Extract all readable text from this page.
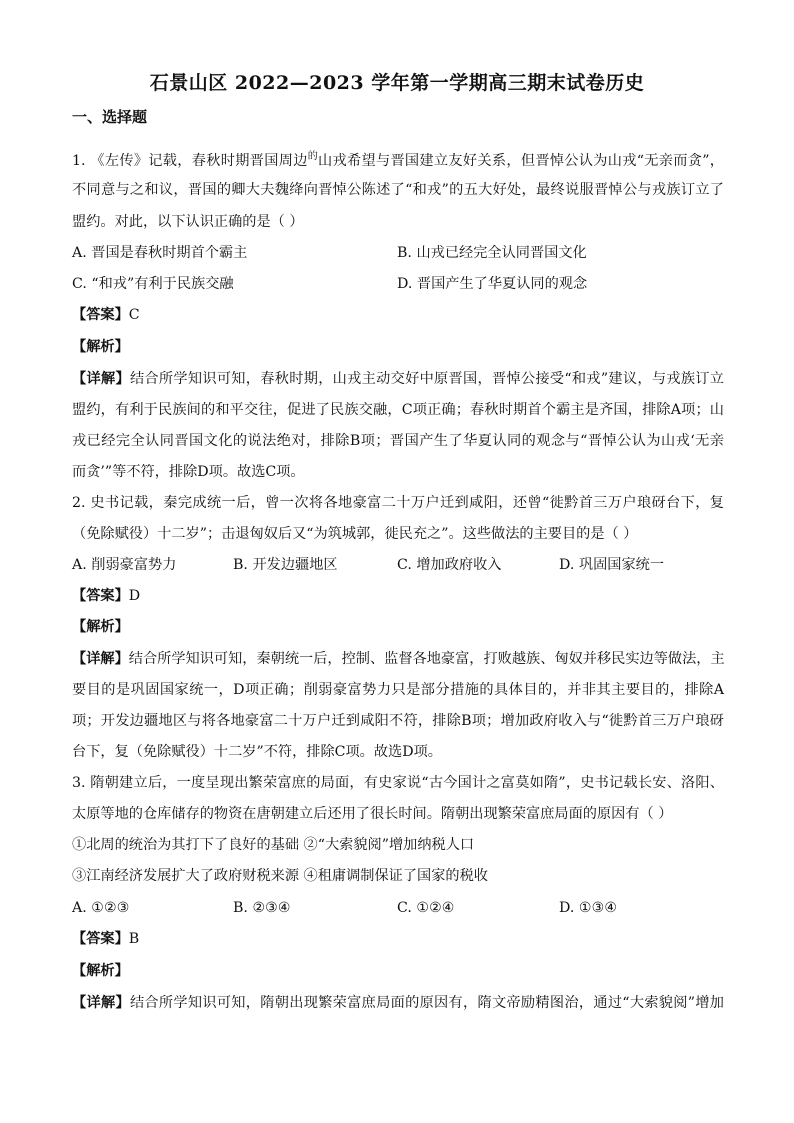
石景山区 2022—2023 学年第一学期高三期末试卷历史
一、选择题
1. 《左传》记载，春秋时期晋国周边$^的$山戎希望与晋国建立友好关系，但晋悼公认为山戎“无亲而贪”，
不同意与之和议，晋国的卿大夫魏绛向晋悼公陈述了“和戎”的五大好处，最终说服晋悼公与戎族订立了
盟约。对此，以下认识正确的是（ ）
A. 晋国是春秋时期首个霸主	B. 山戎已经完全认同晋国文化
C. “和戎”有利于民族交融	D. 晋国产生了华夏认同的观念
【答案】C
【解析】
【详解】结合所学知识可知，春秋时期，山戎主动交好中原晋国，晋悼公接受“和戎”建议，与戎族订立
盟约，有利于民族间的和平交往，促进了民族交融，C项正确；春秋时期首个霸主是齐国，排除A项；山
戎已经完全认同晋国文化的说法绝对，排除B项；晋国产生了华夏认同的观念与“晋悼公认为山戎‘无亲
而贪’”等不符，排除D项。故选C项。
2. 史书记载，秦完成统一后，曾一次将各地豪富二十万户迁到咸阳，还曾“徙黔首三万户琅砑台下，复
（免除赋役）十二岁”；击退匈奴后又“为筑城郭，徙民充之”。这些做法的主要目的是（ ）
A. 削弱豪富势力	B. 开发边疆地区	C. 增加政府收入	D. 巩固国家统一
【答案】D
【解析】
【详解】结合所学知识可知，秦朝统一后，控制、监督各地豪富，打败越族、匈奴并移民实边等做法，主
要目的是巩固国家统一，D项正确；削弱豪富势力只是部分措施的具体目的，并非其主要目的，排除A
项；开发边疆地区与将各地豪富二十万户迁到咸阳不符，排除B项；增加政府收入与“徙黔首三万户琅砑
台下，复（免除赋役）十二岁”不符，排除C项。故选D项。
3. 隋朝建立后，一度呈现出繁荣富庶的局面，有史家说“古今国计之富莫如隋”，史书记载长安、洛阳、
太原等地的仓库储存的物资在唐朝建立后还用了很长时间。隋朝出现繁荣富庶局面的原因有（ ）
①北周的统治为其打下了良好的基础 ②“大索貌阅”增加纳税人口
③江南经济发展扩大了政府财税来源 ④租庸调制保证了国家的税收
A. ①②③	B. ②③④	C. ①②④	D. ①③④
【答案】B
【解析】
【详解】结合所学知识可知，隋朝出现繁荣富庶局面的原因有，隋文帝励精图治，通过“大索貌阅”增加
